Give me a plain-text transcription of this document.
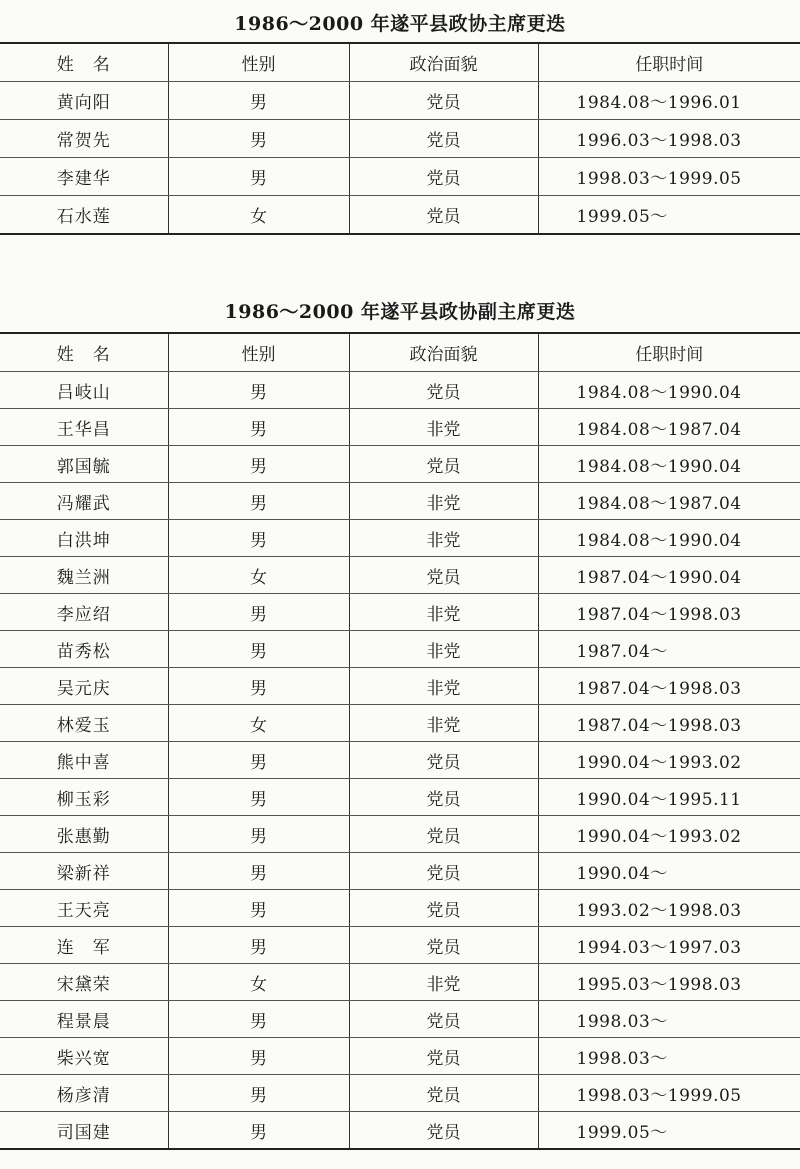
1986～2000 年遂平县政协主席更迭
姓　名	性别	政治面貌	任职时间
黄向阳	男	党员	1984.08～1996.01
常贺先	男	党员	1996.03～1998.03
李建华	男	党员	1998.03～1999.05
石水莲	女	党员	1999.05～
1986～2000 年遂平县政协副主席更迭
姓　名	性别	政治面貌	任职时间
吕岐山	男	党员	1984.08～1990.04
王华昌	男	非党	1984.08～1987.04
郭国毓	男	党员	1984.08～1990.04
冯耀武	男	非党	1984.08～1987.04
白洪坤	男	非党	1984.08～1990.04
魏兰洲	女	党员	1987.04～1990.04
李应绍	男	非党	1987.04～1998.03
苗秀松	男	非党	1987.04～
吴元庆	男	非党	1987.04～1998.03
林爱玉	女	非党	1987.04～1998.03
熊中喜	男	党员	1990.04～1993.02
柳玉彩	男	党员	1990.04～1995.11
张惠勤	男	党员	1990.04～1993.02
梁新祥	男	党员	1990.04～
王天亮	男	党员	1993.02～1998.03
连　军	男	党员	1994.03～1997.03
宋黛荣	女	非党	1995.03～1998.03
程景晨	男	党员	1998.03～
柴兴宽	男	党员	1998.03～
杨彦清	男	党员	1998.03～1999.05
司国建	男	党员	1999.05～
